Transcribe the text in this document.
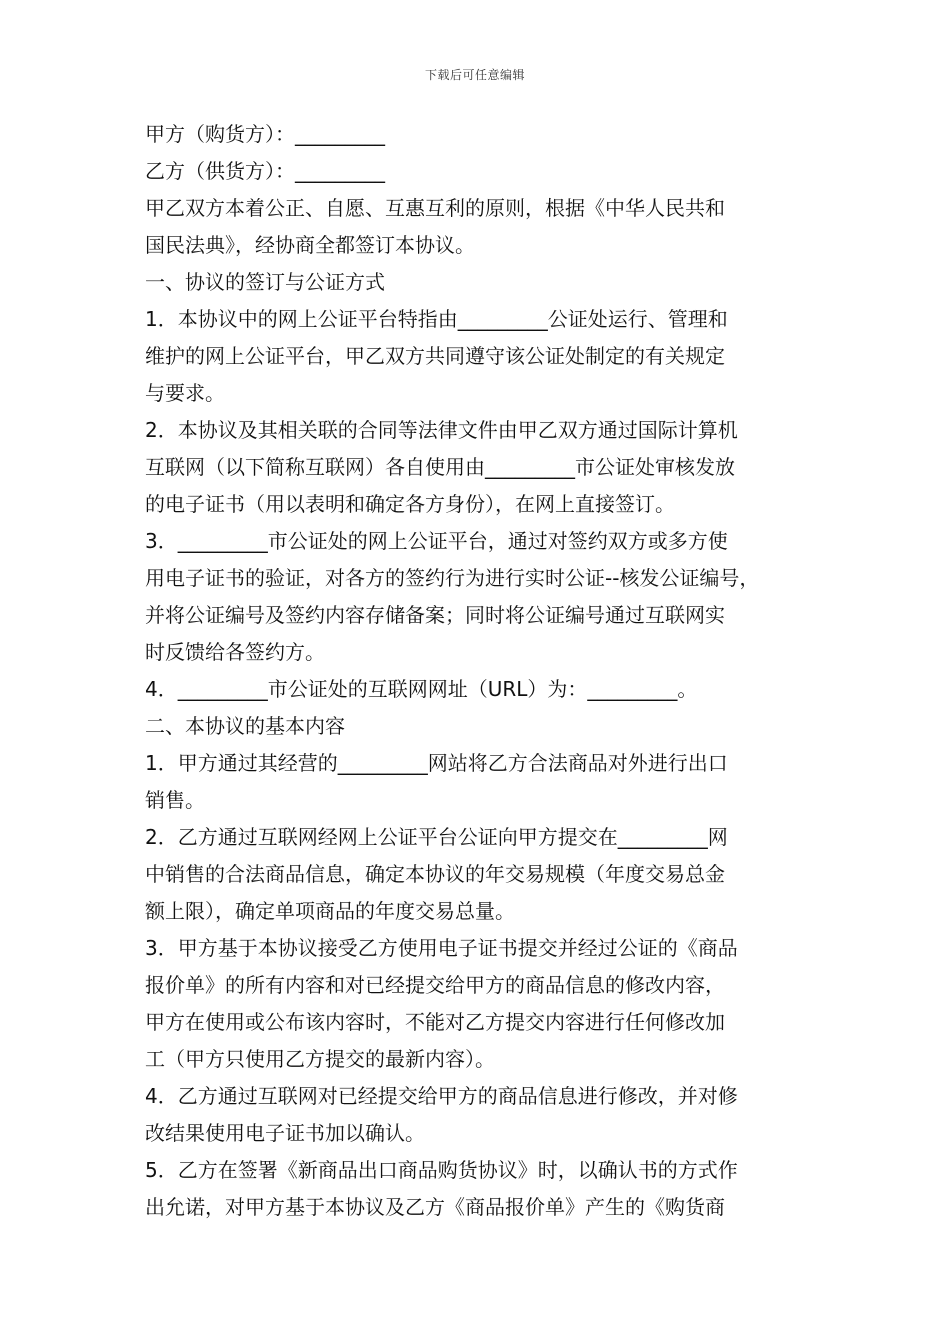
下载后可任意编辑
甲方（购货方）：_________
乙方（供货方）：_________
甲乙双方本着公正、自愿、互惠互利的原则，根据《中华人民共和
国民法典》，经协商全都签订本协议。
一、协议的签订与公证方式
1．本协议中的网上公证平台特指由_________公证处运行、管理和
维护的网上公证平台，甲乙双方共同遵守该公证处制定的有关规定
与要求。
2．本协议及其相关联的合同等法律文件由甲乙双方通过国际计算机
互联网（以下简称互联网）各自使用由_________市公证处审核发放
的电子证书（用以表明和确定各方身份），在网上直接签订。
3．_________市公证处的网上公证平台，通过对签约双方或多方使
用电子证书的验证，对各方的签约行为进行实时公证--核发公证编号，
并将公证编号及签约内容存储备案；同时将公证编号通过互联网实
时反馈给各签约方。
4．_________市公证处的互联网网址（URL）为：_________。
二、本协议的基本内容
1．甲方通过其经营的_________网站将乙方合法商品对外进行出口
销售。
2．乙方通过互联网经网上公证平台公证向甲方提交在_________网
中销售的合法商品信息，确定本协议的年交易规模（年度交易总金
额上限），确定单项商品的年度交易总量。
3．甲方基于本协议接受乙方使用电子证书提交并经过公证的《商品
报价单》的所有内容和对已经提交给甲方的商品信息的修改内容，
甲方在使用或公布该内容时，不能对乙方提交内容进行任何修改加
工（甲方只使用乙方提交的最新内容）。
4．乙方通过互联网对已经提交给甲方的商品信息进行修改，并对修
改结果使用电子证书加以确认。
5．乙方在签署《新商品出口商品购货协议》时，以确认书的方式作
出允诺，对甲方基于本协议及乙方《商品报价单》产生的《购货商
